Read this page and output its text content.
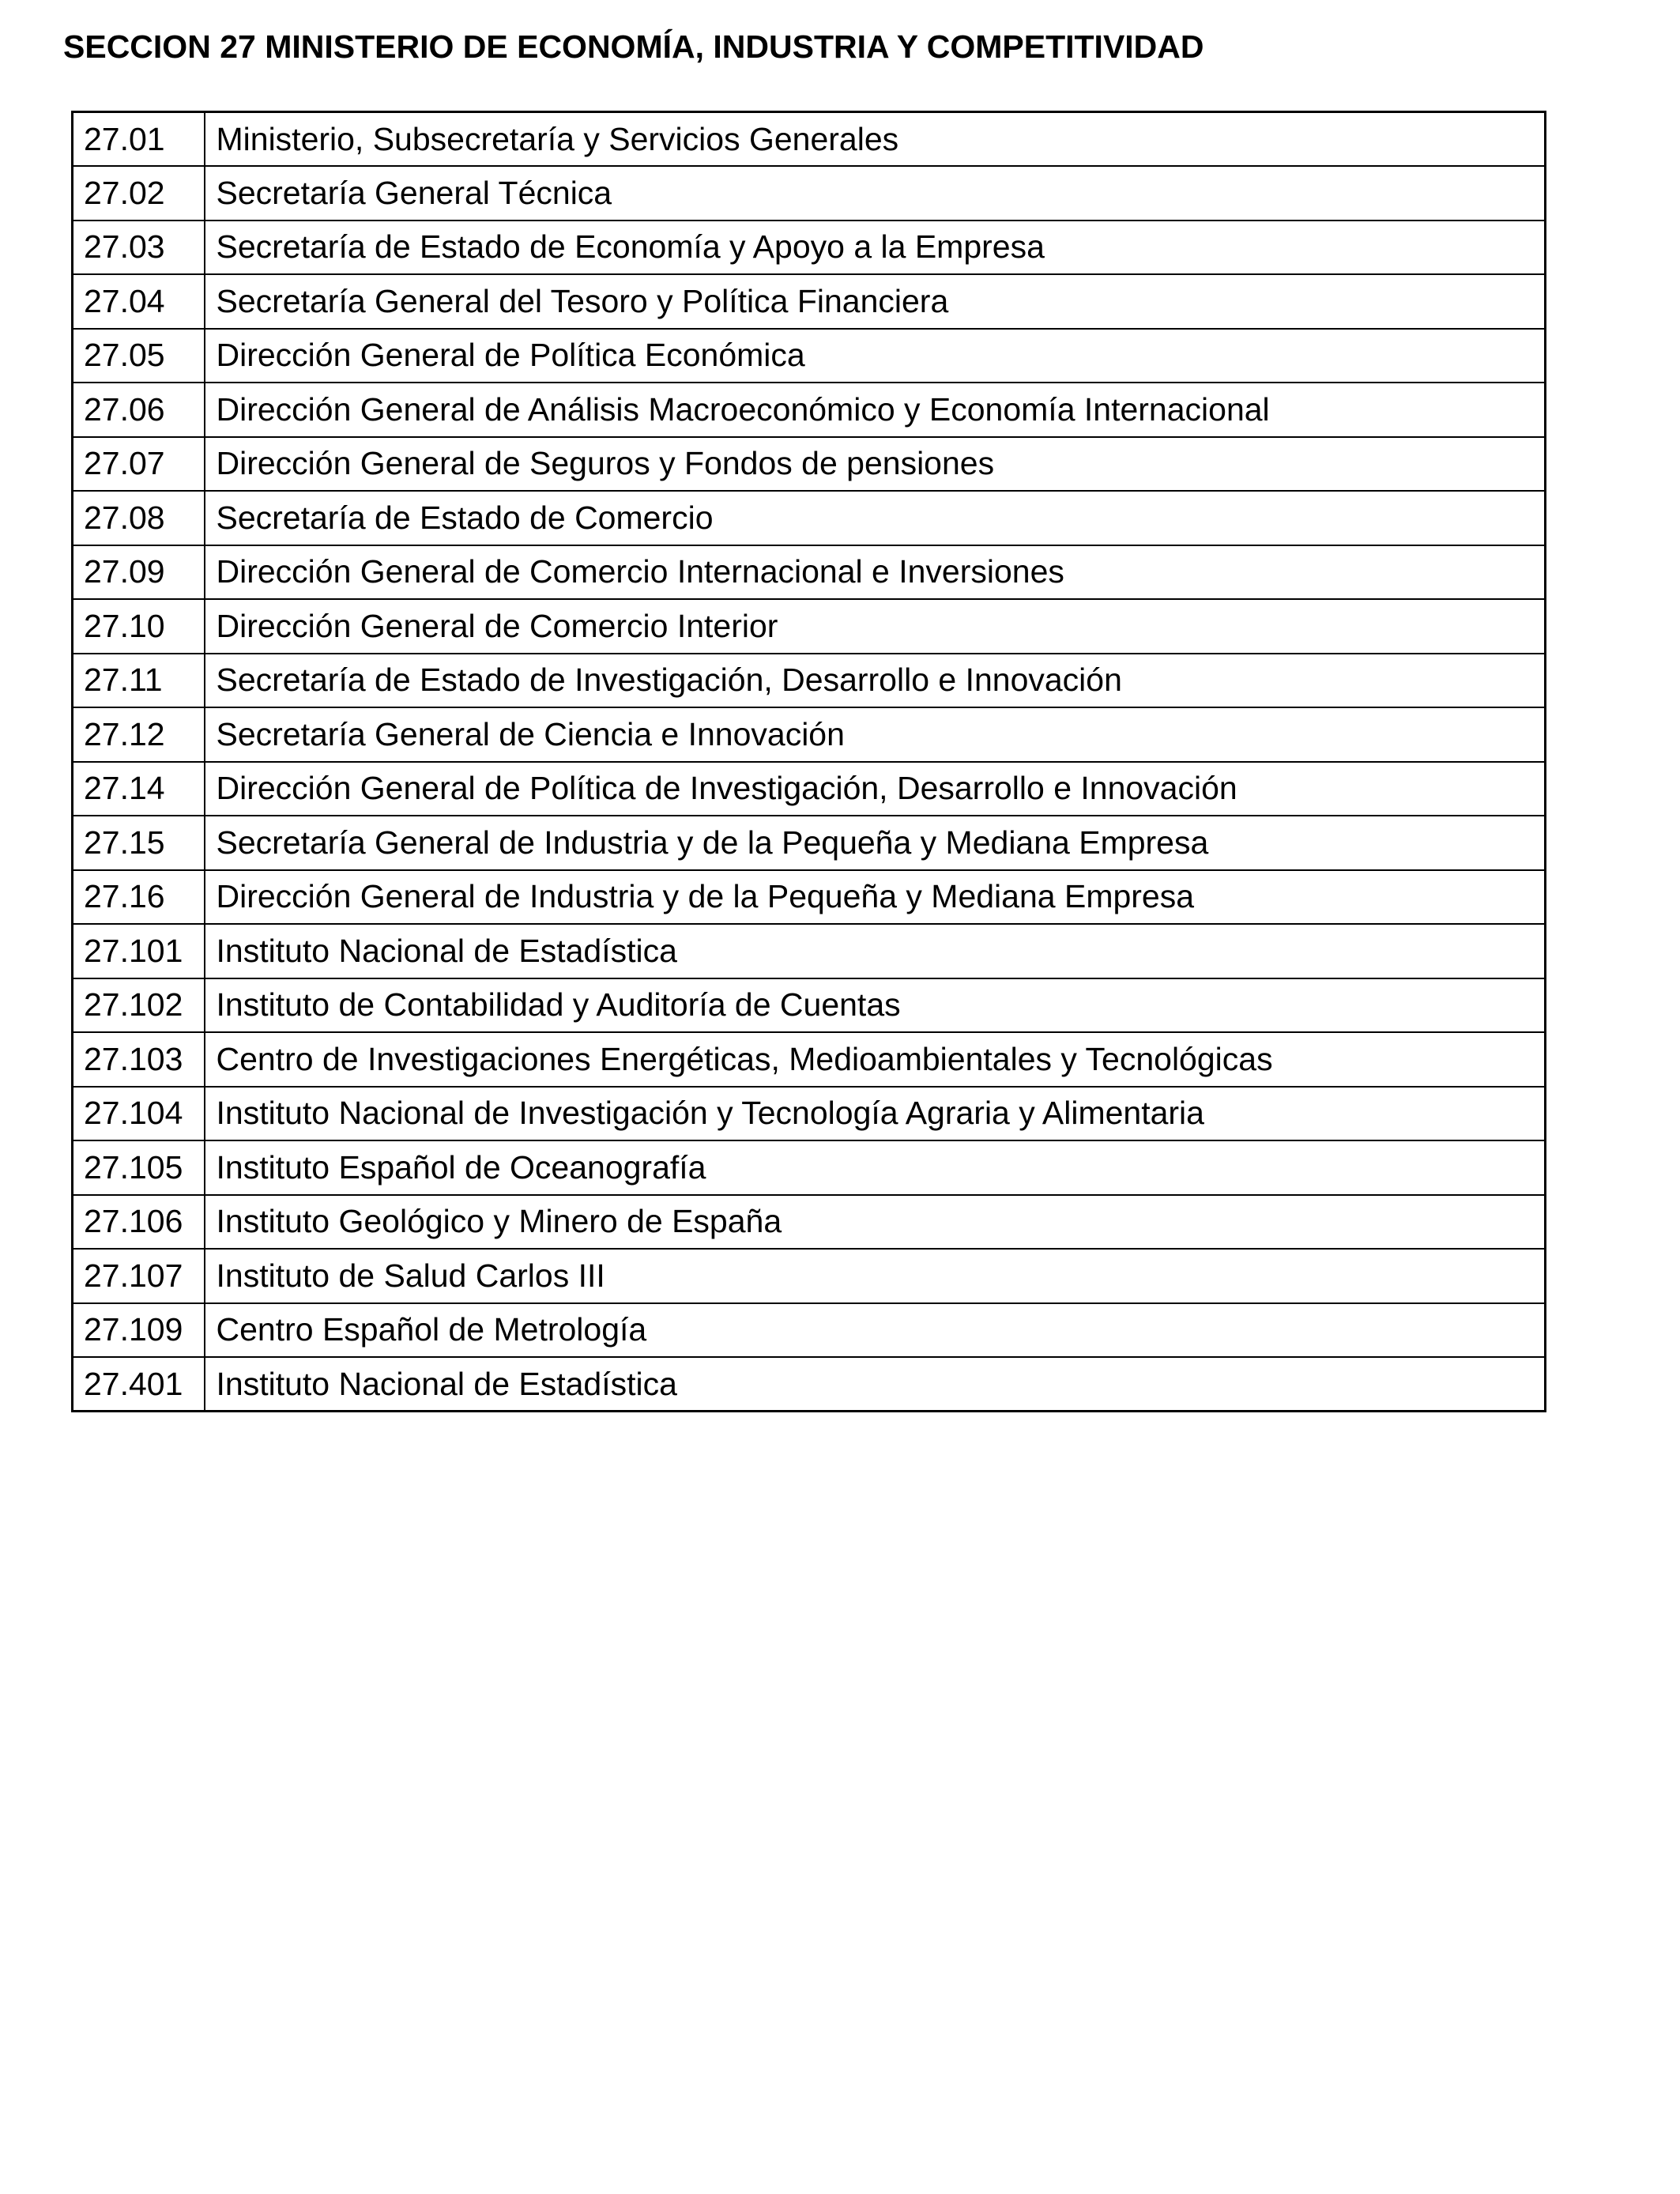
SECCION 27 MINISTERIO DE ECONOMÍA, INDUSTRIA Y COMPETITIVIDAD
27.01	Ministerio, Subsecretaría y Servicios Generales
27.02	Secretaría General Técnica
27.03	Secretaría de Estado de Economía y Apoyo a la Empresa
27.04	Secretaría General del Tesoro y Política Financiera
27.05	Dirección General de Política Económica
27.06	Dirección General de Análisis Macroeconómico y Economía Internacional
27.07	Dirección General de Seguros y Fondos de pensiones
27.08	Secretaría de Estado de Comercio
27.09	Dirección General de Comercio Internacional e Inversiones
27.10	Dirección General de Comercio Interior
27.11	Secretaría de Estado de Investigación, Desarrollo e Innovación
27.12	Secretaría General de Ciencia e Innovación
27.14	Dirección General de Política de Investigación, Desarrollo e Innovación
27.15	Secretaría General de Industria y de la Pequeña y Mediana Empresa
27.16	Dirección General de Industria y de la Pequeña y Mediana Empresa
27.101	Instituto Nacional de Estadística
27.102	Instituto de Contabilidad y Auditoría de Cuentas
27.103	Centro de Investigaciones Energéticas, Medioambientales y Tecnológicas
27.104	Instituto Nacional de Investigación y Tecnología Agraria y Alimentaria
27.105	Instituto Español de Oceanografía
27.106	Instituto Geológico y Minero de España
27.107	Instituto de Salud Carlos III
27.109	Centro Español de Metrología
27.401	Instituto Nacional de Estadística
